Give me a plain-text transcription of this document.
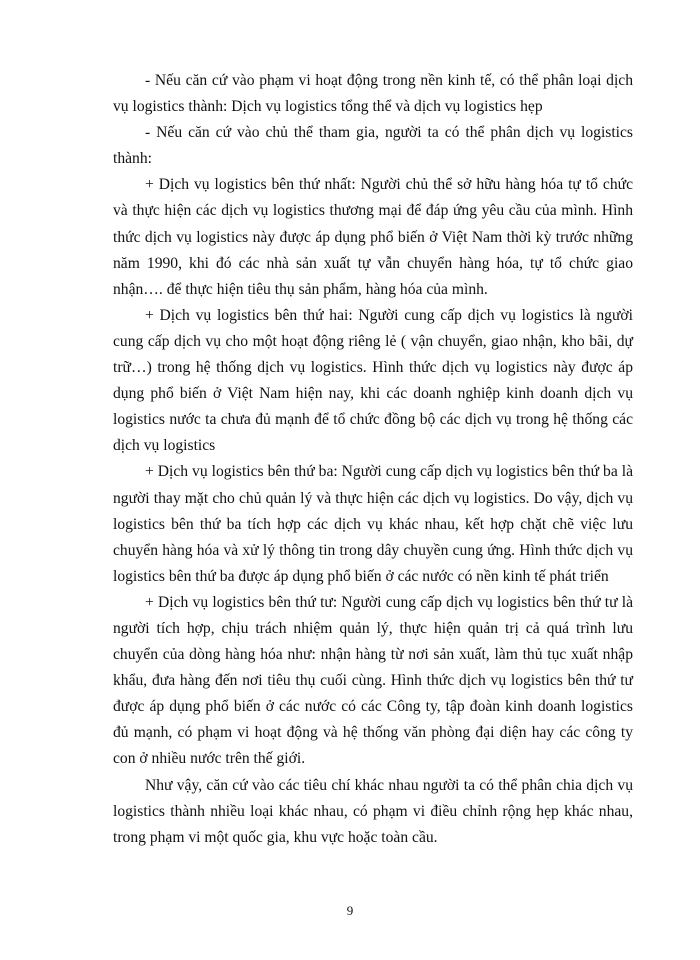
- Nếu căn cứ vào phạm vi hoạt động trong nền kinh tế, có thể phân loại dịch vụ logistics thành: Dịch vụ logistics tổng thể và dịch vụ logistics hẹp

- Nếu căn cứ vào chủ thể tham gia, người ta có thể phân dịch vụ logistics thành:

+ Dịch vụ logistics bên thứ nhất: Người chủ thể sở hữu hàng hóa tự tổ chức và thực hiện các dịch vụ logistics thương mại để đáp ứng yêu cầu của mình. Hình thức dịch vụ logistics này được áp dụng phổ biến ở Việt Nam thời kỳ trước những năm 1990, khi đó các nhà sản xuất tự vẫn chuyển hàng hóa, tự tổ chức giao nhận…. để thực hiện tiêu thụ sản phẩm, hàng hóa của mình.

+ Dịch vụ logistics bên thứ hai: Người cung cấp dịch vụ logistics là người cung cấp dịch vụ cho một hoạt động riêng lẻ ( vận chuyển, giao nhận, kho bãi, dự trữ…) trong hệ thống dịch vụ logistics. Hình thức dịch vụ logistics này được áp dụng phổ biến ở Việt Nam hiện nay, khi các doanh nghiệp kinh doanh dịch vụ logistics nước ta chưa đủ mạnh để tổ chức đồng bộ các dịch vụ trong hệ thống các dịch vụ logistics

+ Dịch vụ logistics bên thứ ba: Người cung cấp dịch vụ logistics bên thứ ba là người thay mặt cho chủ quản lý và thực hiện các dịch vụ logistics. Do vậy, dịch vụ logistics bên thứ ba tích hợp các dịch vụ khác nhau, kết hợp chặt chẽ việc lưu chuyển hàng hóa và xử lý thông tin trong dây chuyền cung ứng. Hình thức dịch vụ logistics bên thứ ba được áp dụng phổ biến ở các nước có nền kinh tế phát triển

+ Dịch vụ logistics bên thứ tư: Người cung cấp dịch vụ logistics bên thứ tư là người tích hợp, chịu trách nhiệm quản lý, thực hiện quản trị cả quá trình lưu chuyển của dòng hàng hóa như: nhận hàng từ nơi sản xuất, làm thủ tục xuất nhập khẩu, đưa hàng đến nơi tiêu thụ cuối cùng. Hình thức dịch vụ logistics bên thứ tư được áp dụng phổ biến ở các nước có các Công ty, tập đoàn kinh doanh logistics đủ mạnh, có phạm vi hoạt động và hệ thống văn phòng đại diện hay các công ty con ở nhiều nước trên thế giới.

Như vậy, căn cứ vào các tiêu chí khác nhau người ta có thể phân chia dịch vụ logistics thành nhiều loại khác nhau, có phạm vi điều chỉnh rộng hẹp khác nhau, trong phạm vi một quốc gia, khu vực hoặc toàn cầu.

9
